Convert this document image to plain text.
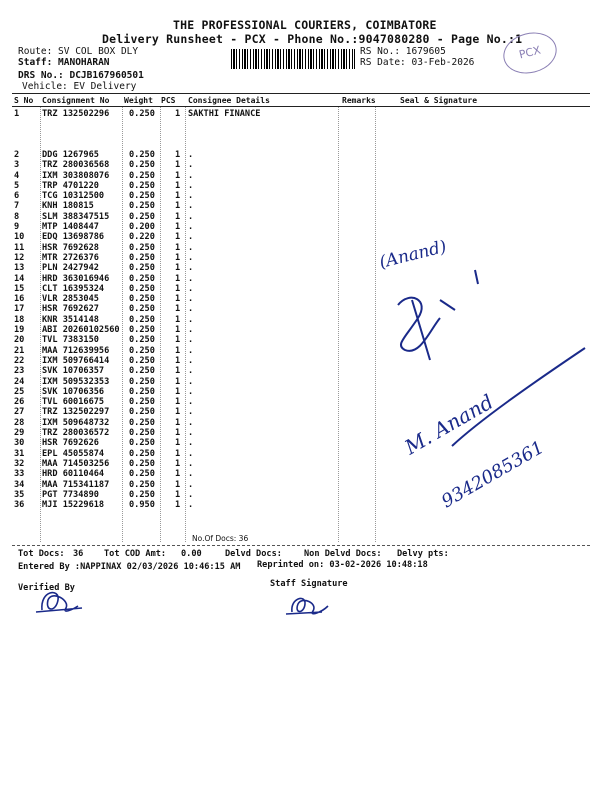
THE PROFESSIONAL COURIERS, COIMBATORE
Delivery Runsheet - PCX - Phone No.:9047080280 - Page No.:1
Route: SV COL BOX DLY
Staff: MANOHARAN
DRS No.: DCJB167960501
Vehicle: EV Delivery
RS No.: 1679605
RS Date: 03-Feb-2026
PCX
S No Consignment No Weight PCS Consignee Details	Remarks	Seal & Signature
1	TRZ 132502296 0.250 1 SAKTHI FINANCE
2	DDG 1267965	0.250 1 .
3	TRZ 280036568 0.250 1 .
4	IXM 303808076 0.250 1 .
5	TRP 4701220	0.250 1 .
6	TCG 10312500	0.250 1 .
7	KNH 180815	0.250 1 .
8	SLM 388347515 0.250 1 .
9	MTP 1408447	0.200 1 .
10 EDQ 13698786	0.220 1 .
11 HSR 7692628	0.250 1 .
12 MTR 2726376	0.250 1 .
13 PLN 2427942	0.250 1 .
14 HRD 363016946 0.250 1 .
15 CLT 16395324	0.250 1 .
16 VLR 2853045	0.250 1 .
17 HSR 7692627	0.250 1 .
18 KNR 3514148	0.250 1 .
19 ABI 20260102560 0.250 1 .
20 TVL 7383150	0.250 1 .
21 MAA 712639956 0.250 1 .
22 IXM 509766414 0.250 1 .
23 SVK 10706357	0.250 1 .
24 IXM 509532353 0.250 1 .
25 SVK 10706356	0.250 1 .
26 TVL 60016675	0.250 1 .
27 TRZ 132502297 0.250 1 .
28 IXM 509648732 0.250 1 .
29 TRZ 280036572 0.250 1 .
30 HSR 7692626	0.250 1 .
31 EPL 45055874	0.250 1 .
32 MAA 714503256 0.250 1 .
33 HRD 60110464	0.250 1 .
34 MAA 715341187 0.250 1 .
35 PGT 7734890	0.250 1 .
36 MJI 15229618	0.950 1 .
No.Of Docs: 36
Tot Docs: 36 Tot COD Amt: 0.00	Delvd Docs:	Non Delvd Docs: Delvy pts:
Entered By :NAPPINAX 02/03/2026 10:46:15 AM Reprinted on: 03-02-2026 10:48:18
Verified By	Staff Signature
(Anand)
M. Anand
9342085361
